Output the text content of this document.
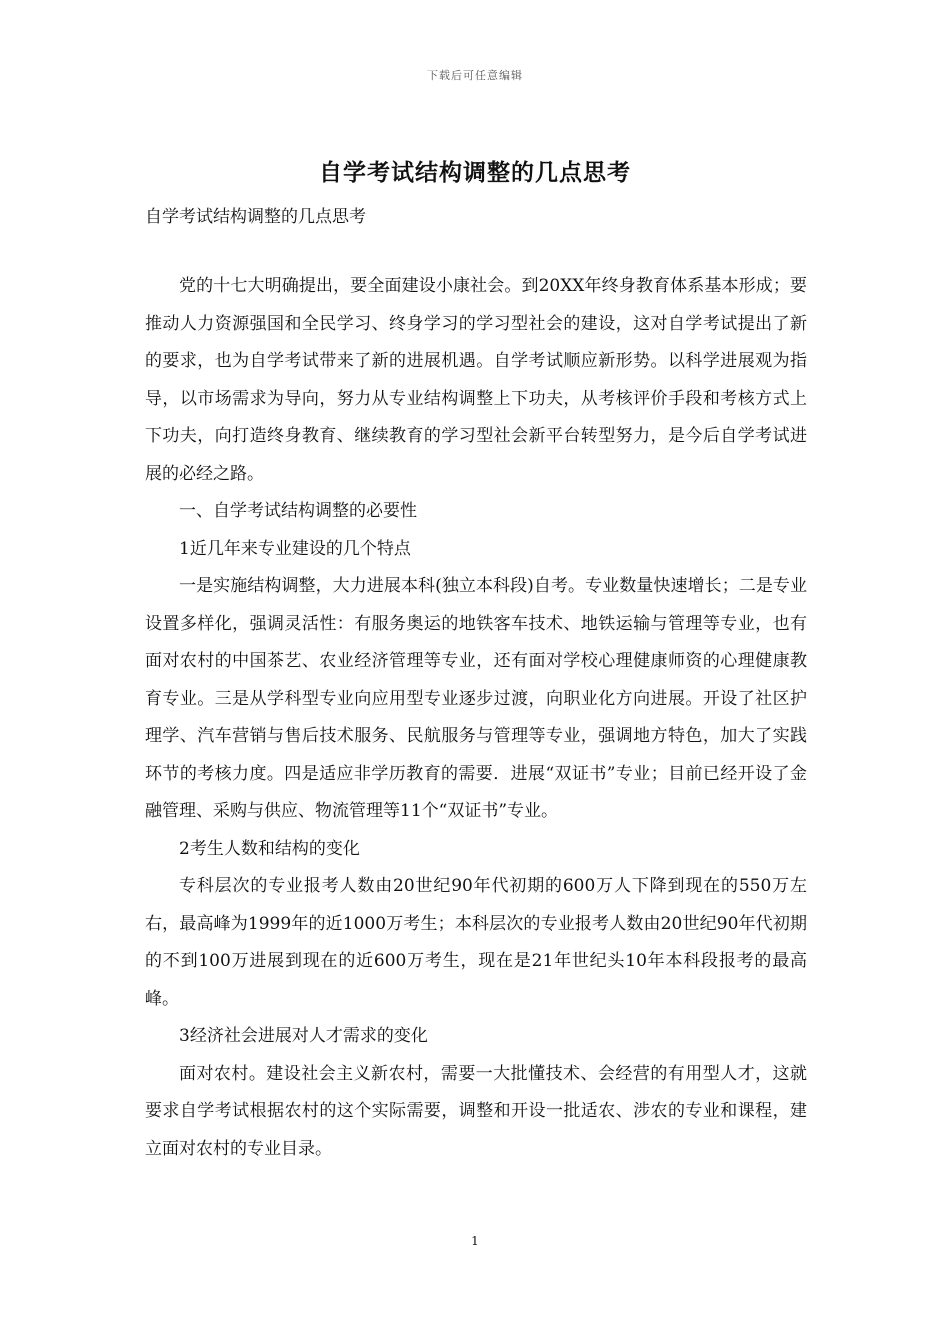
下载后可任意编辑
自学考试结构调整的几点思考
自学考试结构调整的几点思考

党的十七大明确提出，要全面建设小康社会。到20XX年终身教育体系基本形成；要推动人力资源强国和全民学习、终身学习的学习型社会的建设，这对自学考试提出了新的要求，也为自学考试带来了新的进展机遇。自学考试顺应新形势。以科学进展观为指导，以市场需求为导向，努力从专业结构调整上下功夫，从考核评价手段和考核方式上下功夫，向打造终身教育、继续教育的学习型社会新平台转型努力，是今后自学考试进展的必经之路。

一、自学考试结构调整的必要性

1近几年来专业建设的几个特点

一是实施结构调整，大力进展本科(独立本科段)自考。专业数量快速增长；二是专业设置多样化，强调灵活性：有服务奥运的地铁客车技术、地铁运输与管理等专业，也有面对农村的中国茶艺、农业经济管理等专业，还有面对学校心理健康师资的心理健康教育专业。三是从学科型专业向应用型专业逐步过渡，向职业化方向进展。开设了社区护理学、汽车营销与售后技术服务、民航服务与管理等专业，强调地方特色，加大了实践环节的考核力度。四是适应非学历教育的需要．进展“双证书”专业；目前已经开设了金融管理、采购与供应、物流管理等11个“双证书”专业。

2考生人数和结构的变化

专科层次的专业报考人数由20世纪90年代初期的600万人下降到现在的550万左右，最高峰为1999年的近1000万考生；本科层次的专业报考人数由20世纪90年代初期的不到100万进展到现在的近600万考生，现在是21年世纪头10年本科段报考的最高峰。

3经济社会进展对人才需求的变化

面对农村。建设社会主义新农村，需要一大批懂技术、会经营的有用型人才，这就要求自学考试根据农村的这个实际需要，调整和开设一批适农、涉农的专业和课程，建立面对农村的专业目录。

1
